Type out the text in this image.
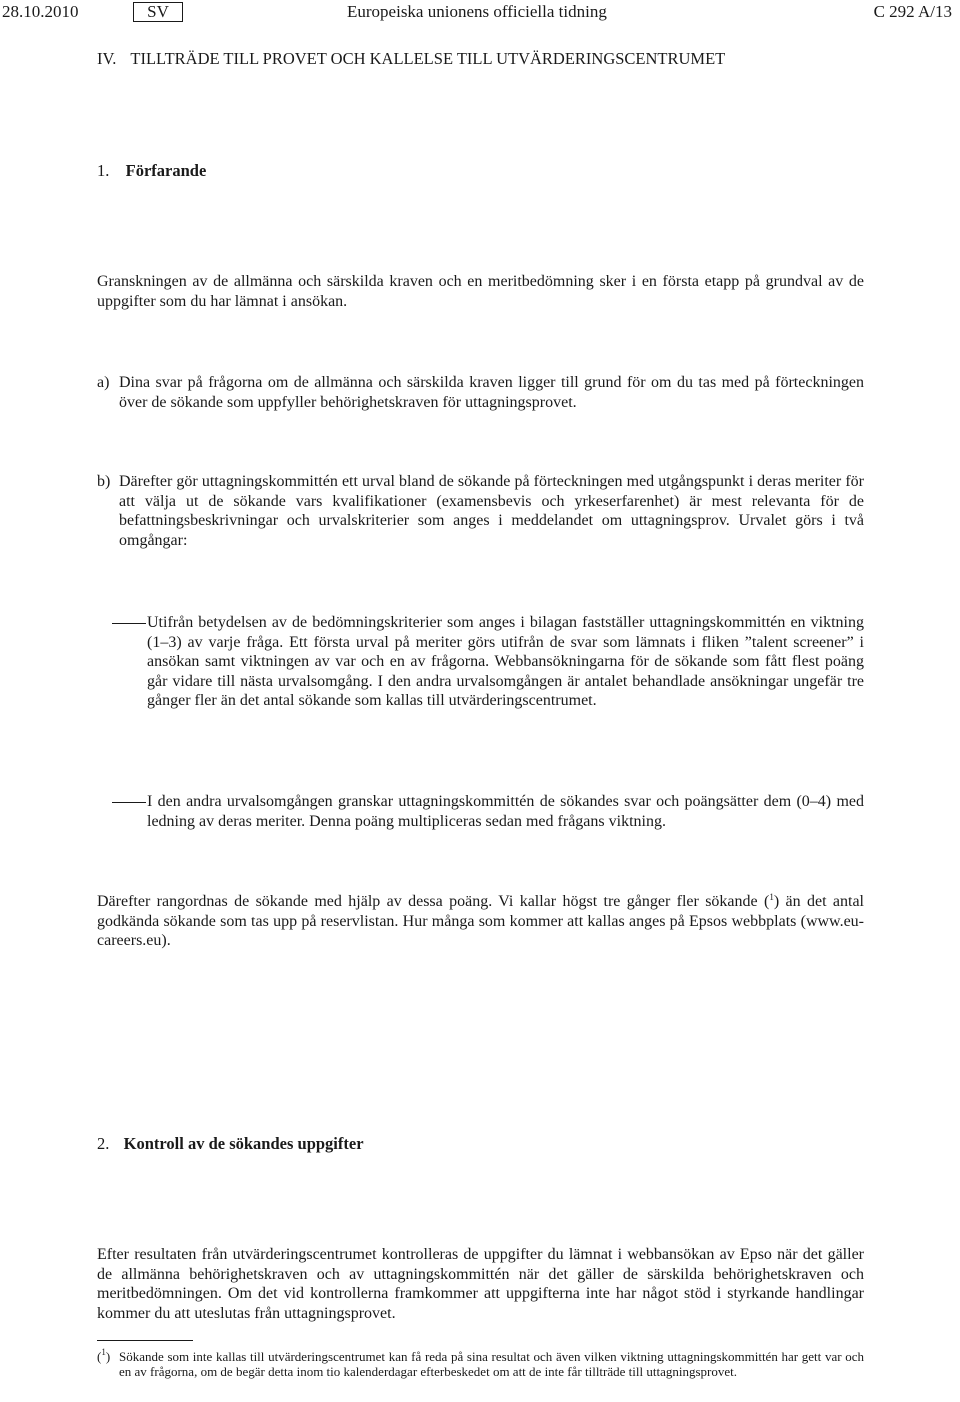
28.10.2010	SV	Europeiska unionens officiella tidning	C 292 A/13
IV. TILLTRÄDE TILL PROVET OCH KALLELSE TILL UTVÄRDERINGSCENTRUMET
1. Förfarande
Granskningen av de allmänna och särskilda kraven och en meritbedömning sker i en första etapp på grundval av de uppgifter som du har lämnat i ansökan.
a) Dina svar på frågorna om de allmänna och särskilda kraven ligger till grund för om du tas med på förteckningen över de sökande som uppfyller behörighetskraven för uttagningsprovet.
b) Därefter gör uttagningskommittén ett urval bland de sökande på förteckningen med utgångspunkt i deras meriter för att välja ut de sökande vars kvalifikationer (examensbevis och yrkeserfarenhet) är mest relevanta för de befattningsbeskrivningar och urvalskriterier som anges i meddelandet om uttagningsprov. Urvalet görs i två omgångar:
Utifrån betydelsen av de bedömningskriterier som anges i bilagan fastställer uttagningskommittén en viktning (1–3) av varje fråga. Ett första urval på meriter görs utifrån de svar som lämnats i fliken ”talent screener” i ansökan samt viktningen av var och en av frågorna. Webbansökningarna för de sökande som fått flest poäng går vidare till nästa urvalsomgång. I den andra urvalsomgången är antalet behandlade ansökningar ungefär tre gånger fler än det antal sökande som kallas till utvärderingscentrumet.
I den andra urvalsomgången granskar uttagningskommittén de sökandes svar och poängsätter dem (0–4) med ledning av deras meriter. Denna poäng multipliceras sedan med frågans viktning.
Därefter rangordnas de sökande med hjälp av dessa poäng. Vi kallar högst tre gånger fler sökande ($^1$) än det antal godkända sökande som tas upp på reservlistan. Hur många som kommer att kallas anges på Epsos webbplats (www.eu-careers.eu).
2. Kontroll av de sökandes uppgifter
Efter resultaten från utvärderingscentrumet kontrolleras de uppgifter du lämnat i webbansökan av Epso när det gäller de allmänna behörighetskraven och av uttagningskommittén när det gäller de särskilda behörighetskraven och meritbedömningen. Om det vid kontrollerna framkommer att uppgifterna inte har något stöd i styrkande handlingar kommer du att uteslutas från uttagningsprovet.
($^1$) Sökande som inte kallas till utvärderingscentrumet kan få reda på sina resultat och även vilken viktning uttagningskommittén har gett var och en av frågorna, om de begär detta inom tio kalenderdagar efterbeskedet om att de inte får tillträde till uttagningsprovet.
